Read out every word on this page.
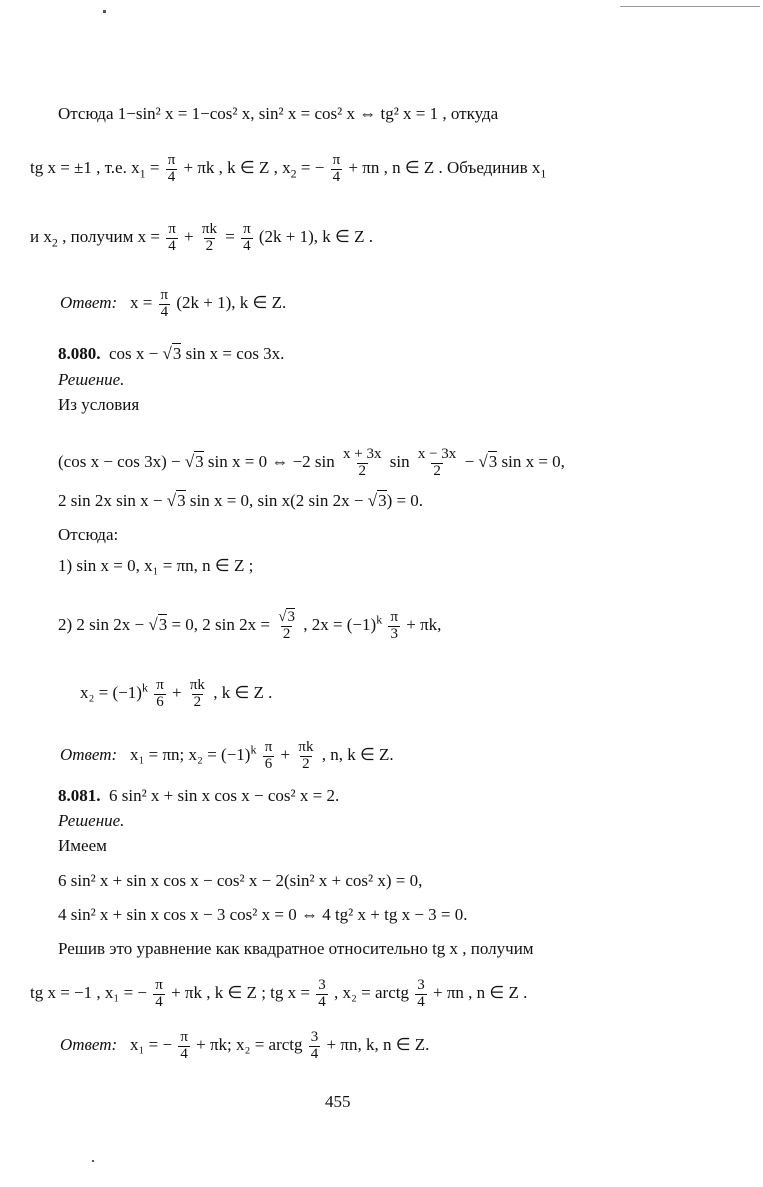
Отсюда 1−sin² x = 1−cos² x, sin² x = cos² x ⇔ tg² x = 1 , откуда
tg x = ±1 , т.е. $x_1 = \frac{\pi}{4} + \pi k$ , k ∈ Z , $x_2$ = − $\frac{\pi}{4} + \pi n$ , n ∈ Z . Объединив $x_1$
и $x_2$ , получим $x = \frac{\pi}{4} + \frac{\pi k}{2} = \frac{\pi}{4} (2k + 1)$, k ∈ Z .
Ответ: $x = \frac{\pi}{4} (2k + 1)$, k ∈ Z.
8.080. cos x − √3 sin x = cos 3x.
Решение.
Из условия
(cos x − cos 3x) − √3 sin x = 0 ⇔ −2 $\sin \frac{x + 3x}{2}$ $\sin \frac{x - 3x}{2} - √3$ sin x = 0,
2 sin 2x sin x − √3 sin x = 0, sin x(2 sin 2x − √3) = 0.
Отсюда:
1) sin x = 0, x₁ = πn, n ∈ Z ;
2) 2 sin 2x − √3 = 0, 2 $\sin 2x = \frac{√3}{2}$ , $2x = (-1)^k \frac{\pi}{3} + \pi k$,
$x_2 = (-1)^k \frac{\pi}{6} + \frac{\pi k}{2}$ , k ∈ Z .
Ответ: x₁ = πn; $x_2 = (-1)^k \frac{\pi}{6} + \frac{\pi k}{2}$ , n, k ∈ Z.
8.081. 6 sin² x + sin x cos x − cos² x = 2.
Решение.
Имеем
6 sin² x + sin x cos x − cos² x − 2(sin² x + cos² x) = 0,
4 sin² x + sin x cos x − 3 cos² x = 0 ⇔ 4 tg² x + tg x − 3 = 0.
Решив это уравнение как квадратное относительно tg x , получим
tg x = −1 , x₁ = − $\frac{\pi}{4} + \pi k$ , k ∈ Z ; tg $x = \frac{3}{4}$ , x₂ = arctg $\frac{3}{4} + \pi n$ , n ∈ Z .
Ответ: x₁ = − $\frac{\pi}{4} + \pi k$; x₂ = arctg $\frac{3}{4} + \pi n$, k, n ∈ Z.
455
